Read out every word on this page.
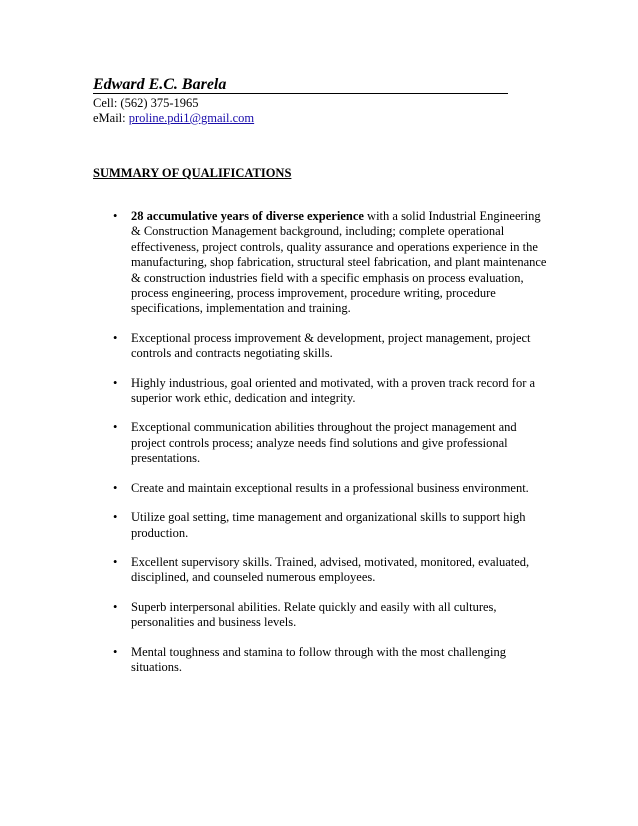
Edward E.C. Barela
Cell: (562) 375-1965
eMail: proline.pdi1@gmail.com
SUMMARY OF QUALIFICATIONS
• 28 accumulative years of diverse experience with a solid Industrial Engineering & Construction Management background, including; complete operational effectiveness, project controls, quality assurance and operations experience in the manufacturing, shop fabrication, structural steel fabrication, and plant maintenance & construction industries field with a specific emphasis on process evaluation, process engineering, process improvement, procedure writing, procedure specifications, implementation and training.
• Exceptional process improvement & development, project management, project controls and contracts negotiating skills.
• Highly industrious, goal oriented and motivated, with a proven track record for a superior work ethic, dedication and integrity.
• Exceptional communication abilities throughout the project management and project controls process; analyze needs find solutions and give professional presentations.
• Create and maintain exceptional results in a professional business environment.
• Utilize goal setting, time management and organizational skills to support high production.
• Excellent supervisory skills. Trained, advised, motivated, monitored, evaluated, disciplined, and counseled numerous employees.
• Superb interpersonal abilities. Relate quickly and easily with all cultures, personalities and business levels.
• Mental toughness and stamina to follow through with the most challenging situations.
